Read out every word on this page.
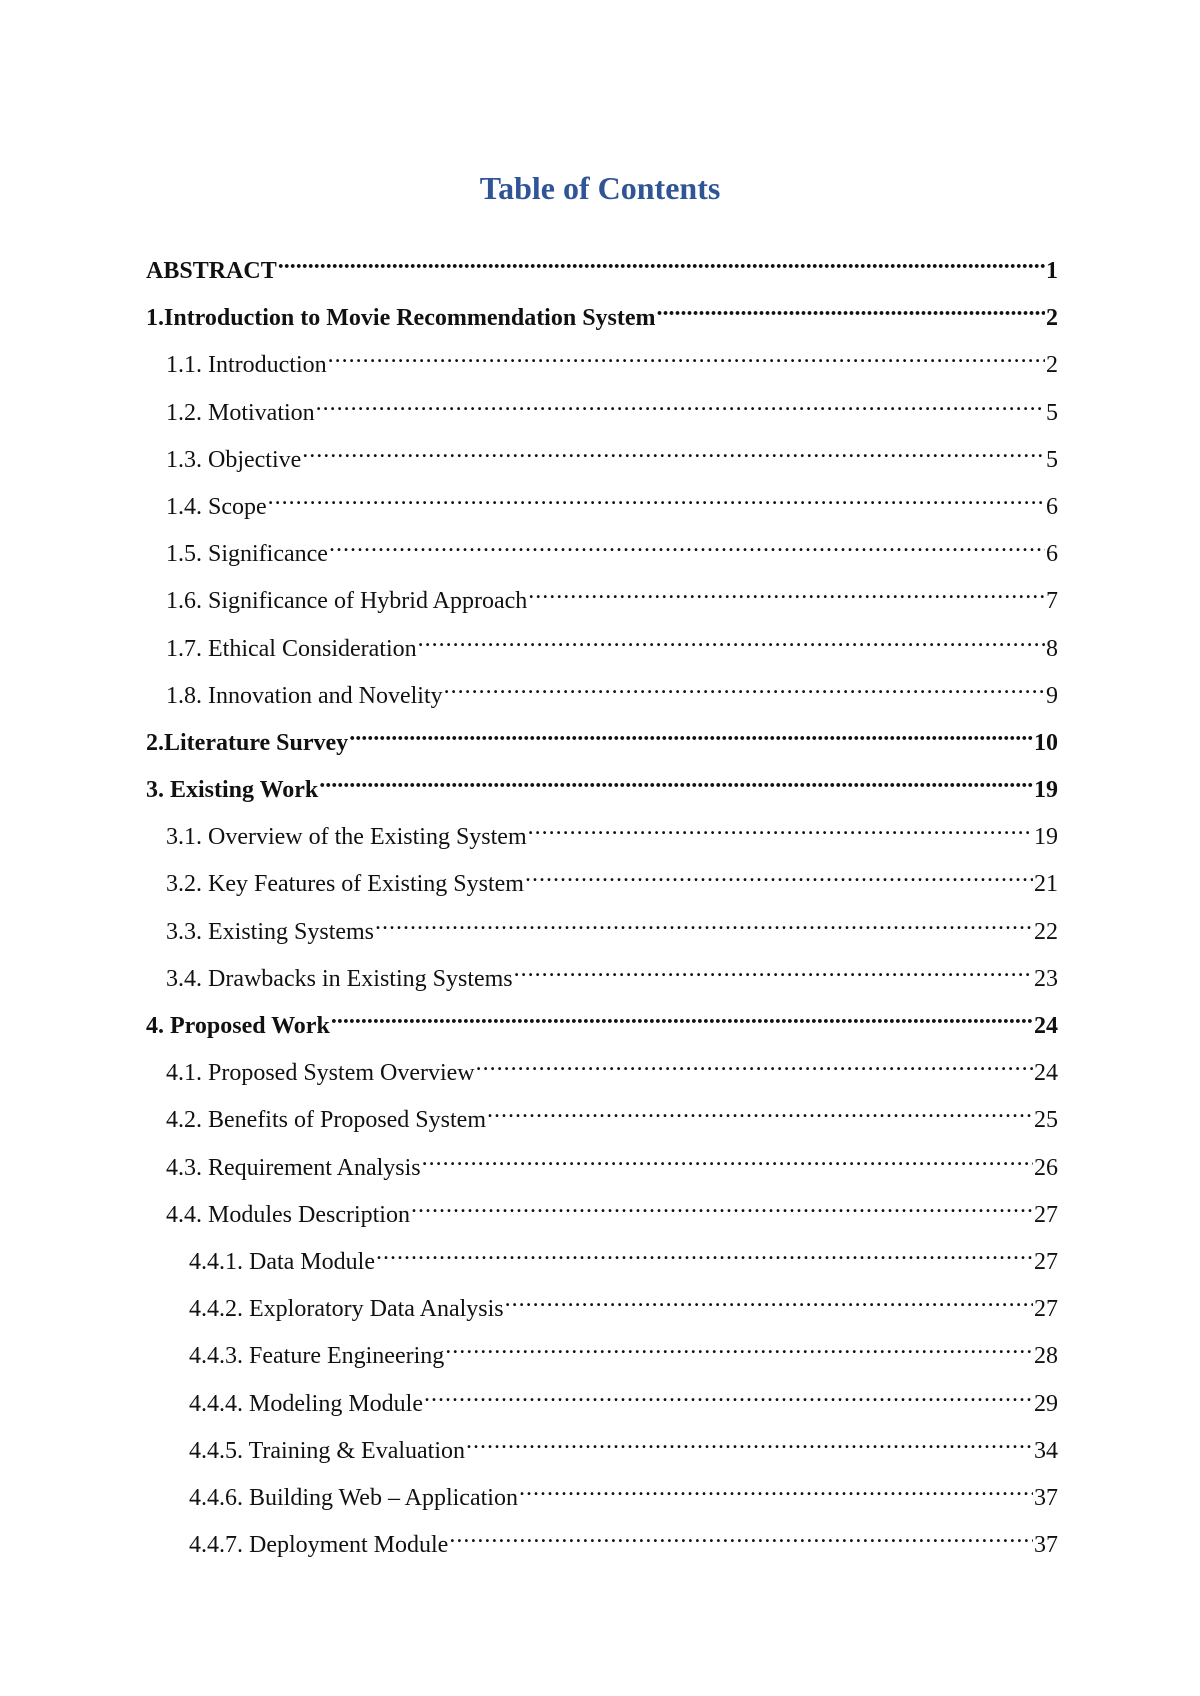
Table of Contents
ABSTRACT .....	1
1.Introduction to Movie Recommendation System .....	2
1.1. Introduction .....	2
1.2. Motivation .....	5
1.3. Objective .....	5
1.4. Scope .....	6
1.5. Significance .....	6
1.6. Significance of Hybrid Approach .....	7
1.7. Ethical Consideration .....	8
1.8. Innovation and Novelity .....	9
2.Literature Survey .....	10
3. Existing Work .....	19
3.1. Overview of the Existing System .....	19
3.2. Key Features of Existing System .....	21
3.3. Existing Systems .....	22
3.4. Drawbacks in Existing Systems .....	23
4. Proposed Work .....	24
4.1. Proposed System Overview .....	24
4.2. Benefits of Proposed System .....	25
4.3. Requirement Analysis .....	26
4.4. Modules Description .....	27
4.4.1. Data Module .....	27
4.4.2. Exploratory Data Analysis .....	27
4.4.3. Feature Engineering .....	28
4.4.4. Modeling Module .....	29
4.4.5. Training & Evaluation .....	34
4.4.6. Building Web – Application .....	37
4.4.7. Deployment Module .....	37
